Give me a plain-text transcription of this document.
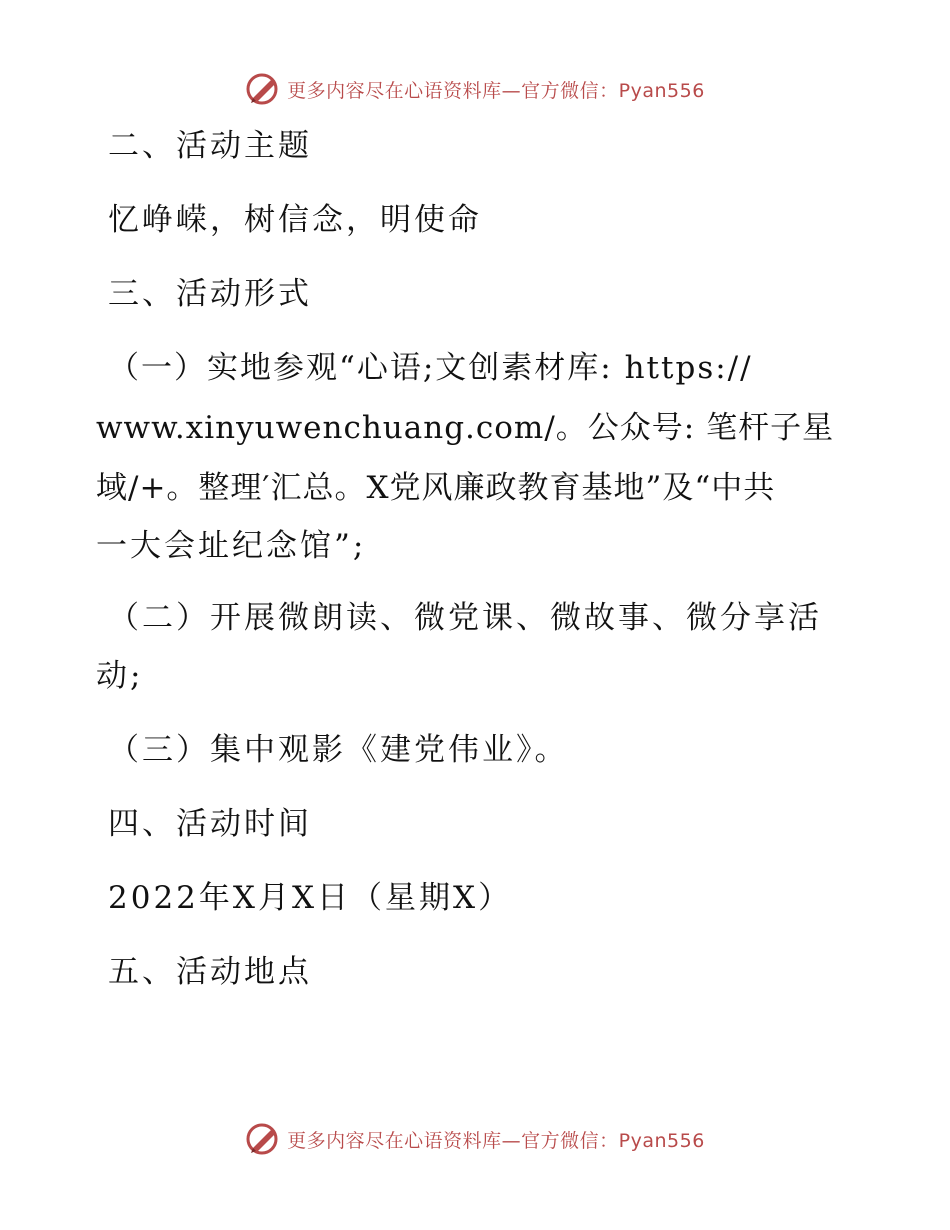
更多内容尽在心语资料库—官方微信：Pyan556
二、活动主题
忆峥嵘，树信念，明使命
三、活动形式
（一）实地参观“心语;文创素材库: https://
www.xinyuwenchuang.com/。公众号: 笔杆子星
域/+。整理′汇总。X党风廉政教育基地”及“中共
一大会址纪念馆”;
（二）开展微朗读、微党课、微故事、微分享活
动;
（三）集中观影《建党伟业》。
四、活动时间
2022年X月X日（星期X）
五、活动地点
更多内容尽在心语资料库—官方微信：Pyan556
